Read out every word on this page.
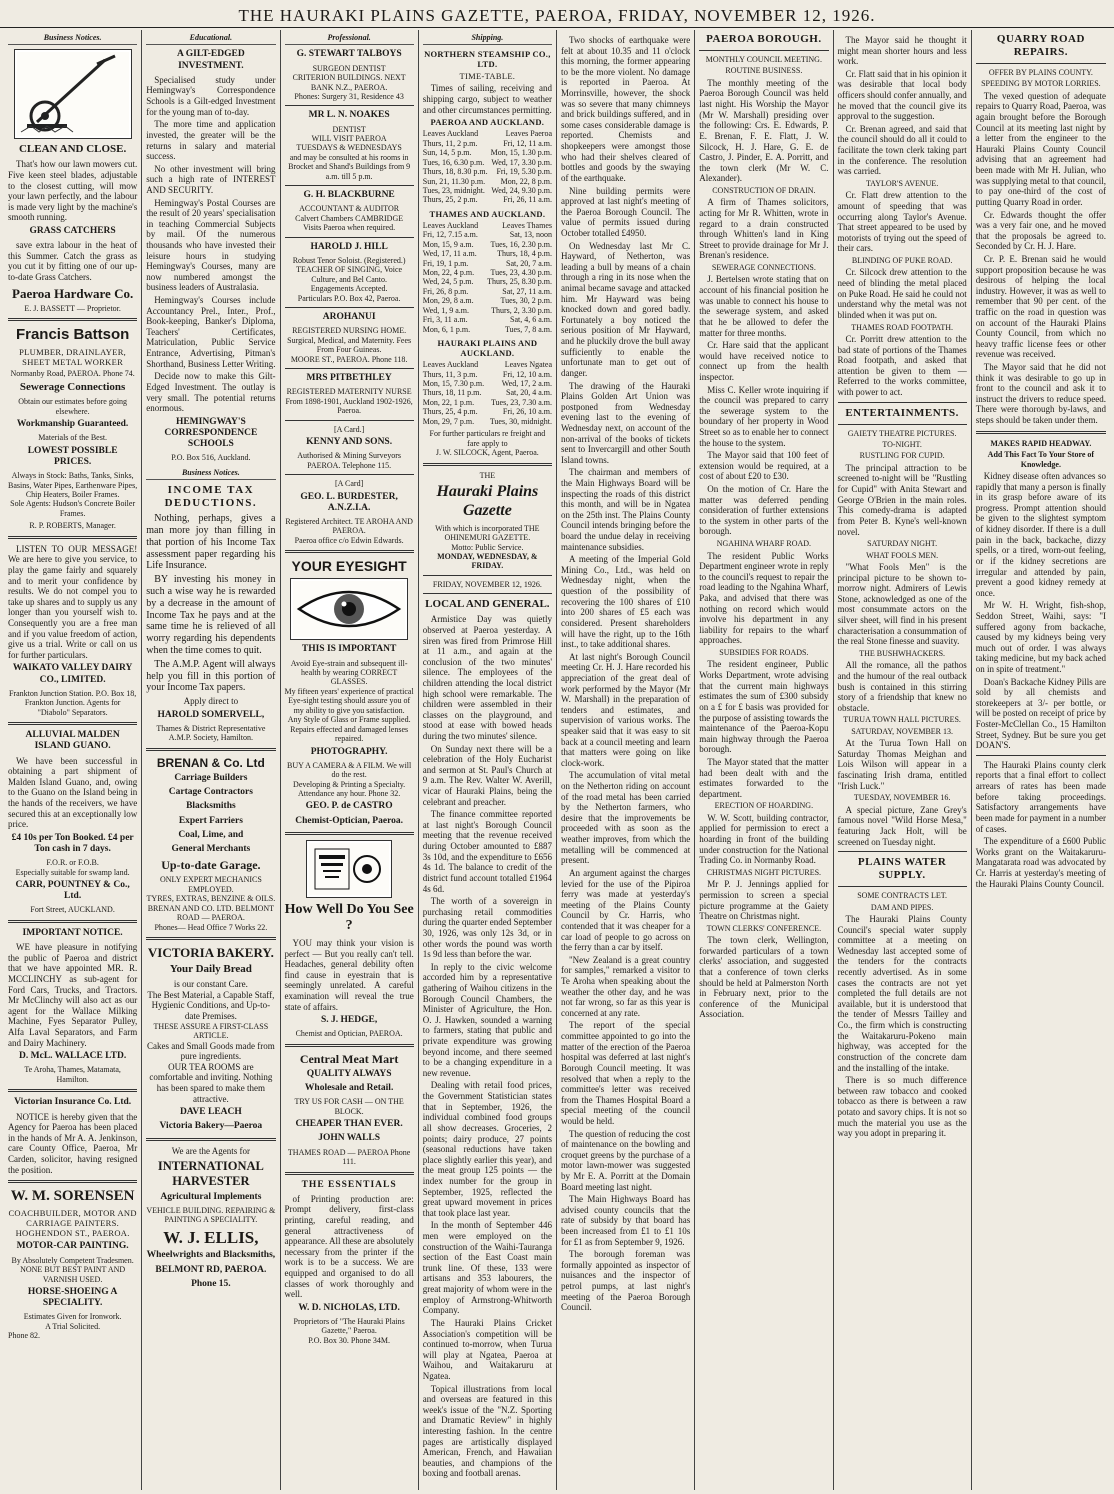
THE HAURAKI PLAINS GAZETTE, PAEROA, FRIDAY, NOVEMBER 12, 1926.
Business Notices.
CLEAN AND CLOSE.
That's how our lawn mowers cut. Five keen steel blades, adjustable to the closest cutting, will mow your lawn perfectly, and the labour is made very light by the machine's smooth running.
GRASS CATCHERS
save extra labour in the heat of this Summer. Catch the grass as you cut it by fitting one of our up-to-date Grass Catchers.
Paeroa Hardware Co.
E. J. BASSETT — Proprietor.
Francis Battson
PLUMBER, DRAINLAYER, SHEET METAL WORKER
Normanby Road, PAEROA. Phone 74.
Sewerage Connections
Obtain our estimates before going elsewhere.
Workmanship Guaranteed.
Materials of the Best.
LOWEST POSSIBLE PRICES.
Always in Stock: Baths, Tanks, Sinks, Basins, Water Pipes, Earthenware Pipes, Chip Heaters, Boiler Frames.
Sole Agents: Hudson's Concrete Boiler Frames.
R. P. ROBERTS, Manager.
LISTEN TO OUR MESSAGE! We are here to give you service, to play the game fairly and squarely and to merit your confidence by results. We do not compel you to take up shares and to supply us any longer than you yourself wish to. Consequently you are a free man and if you value freedom of action, give us a trial. Write or call on us for further particulars.
WAIKATO VALLEY DAIRY CO., LIMITED.
Frankton Junction Station. P.O. Box 18, Frankton Junction. Agents for "Diabolo" Separators.
ALLUVIAL MALDEN ISLAND GUANO.
We have been successful in obtaining a part shipment of Malden Island Guano, and, owing to the Guano on the Island being in the hands of the receivers, we have secured this at an exceptionally low price.
£4 10s per Ton Booked. £4 per Ton cash in 7 days.
F.O.R. or F.O.B.
Especially suitable for swamp land.
CARR, POUNTNEY & Co., Ltd.
Fort Street, AUCKLAND.
IMPORTANT NOTICE.
WE have pleasure in notifying the public of Paeroa and district that we have appointed MR. R. MCCLINCHY as sub-agent for Ford Cars, Trucks, and Tractors. Mr McClinchy will also act as our agent for the Wallace Milking Machine, Fyes Separator Pulley, Alfa Laval Separators, and Farm and Dairy Machinery.
D. McL. WALLACE LTD.
Te Aroha, Thames, Matamata, Hamilton.
Victorian Insurance Co. Ltd.
NOTICE is hereby given that the Agency for Paeroa has been placed in the hands of Mr A. A. Jenkinson, care County Office, Paeroa, Mr Carden, solicitor, having resigned the position.
W. M. SORENSEN
COACHBUILDER, MOTOR AND CARRIAGE PAINTERS. HOGHENDON ST., PAEROA.
MOTOR-CAR PAINTING.
By Absolutely Competent Tradesmen.
NONE BUT BEST PAINT AND VARNISH USED.
HORSE-SHOEING A SPECIALITY.
Estimates Given for Ironwork.
A Trial Solicited.
Phone 82.
Educational.
A GILT-EDGED INVESTMENT.
Specialised study under Hemingway's Correspondence Schools is a Gilt-edged Investment for the young man of to-day.
The more time and application invested, the greater will be the returns in salary and material success.
No other investment will bring such a high rate of INTEREST AND SECURITY.
Hemingway's Postal Courses are the result of 20 years' specialisation in teaching Commercial Subjects by mail. Of the numerous thousands who have invested their leisure hours in studying Hemingway's Courses, many are now numbered amongst the business leaders of Australasia.
Hemingway's Courses include Accountancy Prel., Inter., Prof., Book-keeping, Banker's Diploma, Teachers' Certificates, Matriculation, Public Service Entrance, Advertising, Pitman's Shorthand, Business Letter Writing.
Decide now to make this Gilt-Edged Investment. The outlay is very small. The potential returns enormous.
HEMINGWAY'S CORRESPONDENCE SCHOOLS
P.O. Box 516, Auckland.
Business Notices.
INCOME TAX DEDUCTIONS.
Nothing, perhaps, gives a man more joy than filling in that portion of his Income Tax assessment paper regarding his Life Insurance.
BY investing his money in such a wise way he is rewarded by a decrease in the amount of Income Tax he pays and at the same time he is relieved of all worry regarding his dependents when the time comes to quit.
The A.M.P. Agent will always help you fill in this portion of your Income Tax papers.
Apply direct to
HAROLD SOMERVELL,
Thames & District Representative A.M.P. Society, Hamilton.
BRENAN & Co. Ltd
Carriage Builders
Cartage Contractors
Blacksmiths
Expert Farriers
Coal, Lime, and
General Merchants
Up-to-date Garage.
ONLY EXPERT MECHANICS EMPLOYED.
TYRES, EXTRAS, BENZINE & OILS.
BRENAN AND CO. LTD. BELMONT ROAD — PAEROA.
Phones— Head Office 7 Works 22.
VICTORIA BAKERY.
Your Daily Bread
is our constant Care.
The Best Material, a Capable Staff, Hygienic Conditions, and Up-to-date Premises.
THESE ASSURE A FIRST-CLASS ARTICLE.
Cakes and Small Goods made from pure ingredients.
OUR TEA ROOMS are comfortable and inviting. Nothing has been spared to make them attractive.
DAVE LEACH
Victoria Bakery—Paeroa
We are the Agents for
INTERNATIONAL HARVESTER
Agricultural Implements
VEHICLE BUILDING. REPAIRING & PAINTING A SPECIALITY.
W. J. ELLIS,
Wheelwrights and Blacksmiths,
BELMONT RD, PAEROA.
Phone 15.
Professional.
G. STEWART TALBOYS
SURGEON DENTIST
CRITERION BUILDINGS. NEXT BANK N.Z., PAEROA.
Phones: Surgery 31, Residence 43
MR L. N. NOAKES
DENTIST
WILL VISIT PAEROA
TUESDAYS & WEDNESDAYS
and may be consulted at his rooms in Brocket and Shand's Buildings from 9 a.m. till 5 p.m.
G. H. BLACKBURNE
ACCOUNTANT & AUDITOR
Calvert Chambers CAMBRIDGE
Visits Paeroa when required.
HAROLD J. HILL
Robust Tenor Soloist. (Registered.) TEACHER OF SINGING, Voice Culture, and Bel Canto.
Engagements Accepted.
Particulars P.O. Box 42, Paeroa.
AROHANUI
REGISTERED NURSING HOME. Surgical, Medical, and Maternity. Fees From Four Guineas.
MOORE ST., PAEROA. Phone 118.
MRS PITBETHLEY
REGISTERED MATERNITY NURSE
From 1898-1901, Auckland 1902-1926, Paeroa.
[A Card.]
KENNY AND SONS.
Authorised & Mining Surveyors PAEROA. Telephone 115.
[A Card]
GEO. L. BURDESTER, A.N.Z.I.A.
Registered Architect. TE AROHA AND PAEROA.
Paeroa office c/o Edwin Edwards.
YOUR EYESIGHT
THIS IS IMPORTANT
Avoid Eye-strain and subsequent ill-health by wearing CORRECT GLASSES.
My fifteen years' experience of practical Eye-sight testing should assure you of my ability to give you satisfaction.
Any Style of Glass or Frame supplied.
Repairs effected and damaged lenses repaired.
PHOTOGRAPHY.
BUY A CAMERA & A FILM. We will do the rest.
Developing & Printing a Specialty. Attendance any hour. Phone 32.
GEO. P. de CASTRO
Chemist-Optician, Paeroa.
How Well Do You See ?
YOU may think your vision is perfect — But you really can't tell. Headaches, general debility often find cause in eyestrain that is seemingly unrelated. A careful examination will reveal the true state of affairs.
S. J. HEDGE,
Chemist and Optician, PAEROA.
Central Meat Mart
QUALITY ALWAYS
Wholesale and Retail.
TRY US FOR CASH — ON THE BLOCK.
CHEAPER THAN EVER.
JOHN WALLS
THAMES ROAD — PAEROA Phone 111.
THE ESSENTIALS
of Printing production are: Prompt delivery, first-class printing, careful reading, and general attractiveness of appearance. All these are absolutely necessary from the printer if the work is to be a success. We are equipped and organised to do all classes of work thoroughly and well.
W. D. NICHOLAS, LTD.
Proprietors of "The Hauraki Plains Gazette," Paeroa.
P.O. Box 30. Phone 34M.
Shipping.
NORTHERN STEAMSHIP CO., LTD.
TIME-TABLE.
Times of sailing, receiving and shipping cargo, subject to weather and other circumstances permitting.
PAEROA AND AUCKLAND.
Leaves Auckland	Leaves Paeroa
Thurs, 11, 2 p.m.	Fri, 12, 11 a.m.
Sun, 14, 5 p.m. Mon, 15, 1.30 p.m.
Tues, 16, 6.30 p.m. Wed, 17, 3.30 p.m.
Thurs, 18, 8.30 p.m. Fri, 19, 5.30 p.m.
Sun, 21, 11.30 p.m. Mon, 22, 8 p.m.
Tues, 23, midnight. Wed, 24, 9.30 p.m.
Thurs, 25, 2 p.m.	Fri, 26, 11 a.m.
THAMES AND AUCKLAND.
Leaves Auckland	Leaves Thames
Fri, 12, 7.15 a.m.	Sat, 13, noon
Mon, 15, 9 a.m. Tues, 16, 2.30 p.m.
Wed, 17, 11 a.m.	Thurs, 18, 4 p.m.
Fri, 19, 1 p.m.	Sat, 20, 7 a.m.
Mon, 22, 4 p.m. Tues, 23, 4.30 p.m.
Wed, 24, 5 p.m. Thurs, 25, 8.30 p.m.
Fri, 26, 8 p.m.	Sat, 27, 11 a.m.
Mon, 29, 8 a.m.	Tues, 30, 2 p.m.
Wed, 1, 9 a.m.	Thurs, 2, 3.30 p.m.
Fri, 3, 11 a.m.	Sat, 4, 6 a.m.
Mon, 6, 1 p.m.	Tues, 7, 8 a.m.
HAURAKI PLAINS AND AUCKLAND.
Leaves Auckland	Leaves Ngatea
Thurs, 11, 3 p.m.	Fri, 12, 10 a.m.
Mon, 15, 7.30 p.m. Wed, 17, 2 a.m.
Thurs, 18, 11 p.m.	Sat, 20, 4 a.m.
Mon, 22, 1 p.m. Tues, 23, 7.30 a.m.
Thurs, 25, 4 p.m.	Fri, 26, 10 a.m.
Mon, 29, 7 p.m. Tues, 30, midnight.
For further particulars re freight and fare apply to
J. W. SILCOCK, Agent, Paeroa.
THE
Hauraki Plains Gazette
With which is incorporated THE OHINEMURI GAZETTE.
Motto: Public Service.
MONDAY, WEDNESDAY, & FRIDAY.
FRIDAY, NOVEMBER 12, 1926.
LOCAL AND GENERAL.
Armistice Day was quietly observed at Paeroa yesterday. A siren was fired from Primrose Hill at 11 a.m., and again at the conclusion of the two minutes' silence. The employees of the children attending the local district high school were remarkable. The children were assembled in their classes on the playground, and stood at ease with bowed heads during the two minutes' silence.
On Sunday next there will be a celebration of the Holy Eucharist and sermon at St. Paul's Church at 9 a.m. The Rev. Walter W. Averill, vicar of Hauraki Plains, being the celebrant and preacher.
The finance committee reported at last night's Borough Council meeting that the revenue received during October amounted to £887 3s 10d, and the expenditure to £656 4s 1d. The balance to credit of the district fund account totalled £1964 4s 6d.
The worth of a sovereign in purchasing retail commodities during the quarter ended September 30, 1926, was only 12s 3d, or in other words the pound was worth 1s 9d less than before the war.
In reply to the civic welcome accorded him by a representative gathering of Waihou citizens in the Borough Council Chambers, the Minister of Agriculture, the Hon. O. J. Hawken, sounded a warning to farmers, stating that public and private expenditure was growing beyond income, and there seemed to be a changing expenditure in a new revenue.
Dealing with retail food prices, the Government Statistician states that in September, 1926, the individual combined food groups all show decreases. Groceries, 2 points; dairy produce, 27 points (seasonal reductions have taken place slightly earlier this year), and the meat group 125 points — the index number for the group in September, 1925, reflected the great upward movement in prices that took place last year.
In the month of September 446 men were employed on the construction of the Waihi-Tauranga section of the East Coast main trunk line. Of these, 133 were artisans and 353 labourers, the great majority of whom were in the employ of Armstrong-Whitworth Company.
The Hauraki Plains Cricket Association's competition will be continued to-morrow, when Turua will play at Ngatea, Paeroa at Waihou, and Waitakaruru at Ngatea.
Topical illustrations from local and overseas are featured in this week's issue of the "N.Z. Sporting and Dramatic Review" in highly interesting fashion. In the centre pages are artistically displayed American, French, and Hawaiian beauties, and champions of the boxing and football arenas.
Two shocks of earthquake were felt at about 10.35 and 11 o'clock this morning, the former appearing to be the more violent. No damage is reported in Paeroa. At Morrinsville, however, the shock was so severe that many chimneys and brick buildings suffered, and in some cases considerable damage is reported. Chemists and shopkeepers were amongst those who had their shelves cleared of bottles and goods by the swaying of the earthquake.
Nine building permits were approved at last night's meeting of the Paeroa Borough Council. The value of permits issued during October totalled £4950.
On Wednesday last Mr C. Hayward, of Netherton, was leading a bull by means of a chain through a ring in its nose when the animal became savage and attacked him. Mr Hayward was being knocked down and gored badly. Fortunately a boy noticed the serious position of Mr Hayward, and he pluckily drove the bull away sufficiently to enable the unfortunate man to get out of danger.
The drawing of the Hauraki Plains Golden Art Union was postponed from Wednesday evening last to the evening of Wednesday next, on account of the non-arrival of the books of tickets sent to Invercargill and other South Island towns.
The chairman and members of the Main Highways Board will be inspecting the roads of this district this month, and will be in Ngatea on the 25th inst. The Plains County Council intends bringing before the board the undue delay in receiving maintenance subsidies.
A meeting of the Imperial Gold Mining Co., Ltd., was held on Wednesday night, when the question of the possibility of recovering the 100 shares of £10 into 200 shares of £5 each was considered. Present shareholders will have the right, up to the 16th inst., to take additional shares.
At last night's Borough Council meeting Cr. H. J. Hare recorded his appreciation of the great deal of work performed by the Mayor (Mr W. Marshall) in the preparation of tenders and estimates, and supervision of various works. The speaker said that it was easy to sit back at a council meeting and learn that matters were going on like clock-work.
The accumulation of vital metal on the Netherton riding on account of the road metal has been carried by the Netherton farmers, who desire that the improvements be proceeded with as soon as the weather improves, from which the metalling will be commenced at present.
An argument against the charges levied for the use of the Pipiroa ferry was made at yesterday's meeting of the Plains County Council by Cr. Harris, who contended that it was cheaper for a car load of people to go across on the ferry than a car by itself.
"New Zealand is a great country for samples," remarked a visitor to Te Aroha when speaking about the weather the other day, and he was not far wrong, so far as this year is concerned at any rate.
The report of the special committee appointed to go into the matter of the erection of the Paeroa hospital was deferred at last night's Borough Council meeting. It was resolved that when a reply to the committee's letter was received from the Thames Hospital Board a special meeting of the council would be held.
The question of reducing the cost of maintenance on the bowling and croquet greens by the purchase of a motor lawn-mower was suggested by Mr E. A. Porritt at the Domain Board meeting last night.
The Main Highways Board has advised county councils that the rate of subsidy by that board has been increased from £1 to £1 10s for £1 as from September 9, 1926.
The borough foreman was formally appointed as inspector of nuisances and the inspector of petrol pumps, at last night's meeting of the Paeroa Borough Council.
PAEROA BOROUGH.
MONTHLY COUNCIL MEETING.
ROUTINE BUSINESS.
The monthly meeting of the Paeroa Borough Council was held last night. His Worship the Mayor (Mr W. Marshall) presiding over the following: Crs. E. Edwards, P. E. Brenan, F. E. Flatt, J. W. Silcock, H. J. Hare, G. E. de Castro, J. Pinder, E. A. Porritt, and the town clerk (Mr W. C. Alexander).
CONSTRUCTION OF DRAIN.
A firm of Thames solicitors, acting for Mr R. Whitten, wrote in regard to a drain constructed through Whitten's land in King Street to provide drainage for Mr J. Brenan's residence.
SEWERAGE CONNECTIONS.
J. Bertelsen wrote stating that on account of his financial position he was unable to connect his house to the sewerage system, and asked that he be allowed to defer the matter for three months.
Cr. Hare said that the applicant would have received notice to connect up from the health inspector.
Miss C. Keller wrote inquiring if the council was prepared to carry the sewerage system to the boundary of her property in Wood Street so as to enable her to connect the house to the system.
The Mayor said that 100 feet of extension would be required, at a cost of about £20 to £30.
On the motion of Cr. Hare the matter was deferred pending consideration of further extensions to the system in other parts of the borough.
NGAHINA WHARF ROAD.
The resident Public Works Department engineer wrote in reply to the council's request to repair the road leading to the Ngahina Wharf, Paka, and advised that there was nothing on record which would involve his department in any liability for repairs to the wharf approaches.
SUBSIDIES FOR ROADS.
The resident engineer, Public Works Department, wrote advising that the current main highways estimates the sum of £300 subsidy on a £ for £ basis was provided for the purpose of assisting towards the maintenance of the Paeroa-Kopu main highway through the Paeroa borough.
The Mayor stated that the matter had been dealt with and the estimates forwarded to the department.
ERECTION OF HOARDING.
W. W. Scott, building contractor, applied for permission to erect a hoarding in front of the building under construction for the National Trading Co. in Normanby Road.
CHRISTMAS NIGHT PICTURES.
Mr P. J. Jennings applied for permission to screen a special picture programme at the Gaiety Theatre on Christmas night.
TOWN CLERKS' CONFERENCE.
The town clerk, Wellington, forwarded particulars of a town clerks' association, and suggested that a conference of town clerks should be held at Palmerston North in February next, prior to the conference of the Municipal Association.
The Mayor said he thought it might mean shorter hours and less work.
Cr. Flatt said that in his opinion it was desirable that local body officers should confer annually, and he moved that the council give its approval to the suggestion.
Cr. Brenan agreed, and said that the council should do all it could to facilitate the town clerk taking part in the conference. The resolution was carried.
TAYLOR'S AVENUE.
Cr. Flatt drew attention to the amount of speeding that was occurring along Taylor's Avenue. That street appeared to be used by motorists of trying out the speed of their cars.
BLINDING OF PUKE ROAD.
Cr. Silcock drew attention to the need of blinding the metal placed on Puke Road. He said he could not understand why the metal was not blinded when it was put on.
THAMES ROAD FOOTPATH.
Cr. Porritt drew attention to the bad state of portions of the Thames Road footpath, and asked that attention be given to them — Referred to the works committee, with power to act.
ENTERTAINMENTS.
GAIETY THEATRE PICTURES.
TO-NIGHT.
RUSTLING FOR CUPID.
The principal attraction to be screened to-night will be "Rustling for Cupid" with Anita Stewart and George O'Brien in the main roles. This comedy-drama is adapted from Peter B. Kyne's well-known novel.
SATURDAY NIGHT.
WHAT FOOLS MEN.
"What Fools Men" is the principal picture to be shown to-morrow night. Admirers of Lewis Stone, acknowledged as one of the most consummate actors on the silver sheet, will find in his present characterisation a consummation of the real Stone finesse and suavity.
THE BUSHWHACKERS.
All the romance, all the pathos and the humour of the real outback bush is contained in this stirring story of a friendship that knew no obstacle.
TURUA TOWN HALL PICTURES.
SATURDAY, NOVEMBER 13.
At the Turua Town Hall on Saturday Thomas Meighan and Lois Wilson will appear in a fascinating Irish drama, entitled "Irish Luck."
TUESDAY, NOVEMBER 16.
A special picture, Zane Grey's famous novel "Wild Horse Mesa," featuring Jack Holt, will be screened on Tuesday night.
PLAINS WATER SUPPLY.
SOME CONTRACTS LET.
DAM AND PIPES.
The Hauraki Plains County Council's special water supply committee at a meeting on Wednesday last accepted some of the tenders for the contracts recently advertised. As in some cases the contracts are not yet completed the full details are not available, but it is understood that the tender of Messrs Tailley and Co., the firm which is constructing the Waitakaruru-Pokeno main highway, was accepted for the construction of the concrete dam and the installing of the intake.
There is so much difference between raw tobacco and cooked tobacco as there is between a raw potato and savory chips. It is not so much the material you use as the way you adopt in preparing it.
QUARRY ROAD REPAIRS.
OFFER BY PLAINS COUNTY.
SPEEDING BY MOTOR LORRIES.
The vexed question of adequate repairs to Quarry Road, Paeroa, was again brought before the Borough Council at its meeting last night by a letter from the engineer to the Hauraki Plains County Council advising that an agreement had been made with Mr H. Julian, who was supplying metal to that council, to pay one-third of the cost of putting Quarry Road in order.
Cr. Edwards thought the offer was a very fair one, and he moved that the proposals be agreed to. Seconded by Cr. H. J. Hare.
Cr. P. E. Brenan said he would support proposition because he was desirous of helping the local industry. However, it was as well to remember that 90 per cent. of the traffic on the road in question was on account of the Hauraki Plains County Council, from which no heavy traffic license fees or other revenue was received.
The Mayor said that he did not think it was desirable to go up in front to the council and ask it to instruct the drivers to reduce speed. There were thorough by-laws, and steps should be taken under them.
MAKES RAPID HEADWAY.
Add This Fact To Your Store of Knowledge.
Kidney disease often advances so rapidly that many a person is finally in its grasp before aware of its progress. Prompt attention should be given to the slightest symptom of kidney disorder. If there is a dull pain in the back, backache, dizzy spells, or a tired, worn-out feeling, or if the kidney secretions are irregular and attended by pain, prevent a good kidney remedy at once.
Mr W. H. Wright, fish-shop, Seddon Street, Waihi, says: "I suffered agony from backache, caused by my kidneys being very much out of order. I was always taking medicine, but my back ached on in spite of treatment."
Doan's Backache Kidney Pills are sold by all chemists and storekeepers at 3/- per bottle, or will be posted on receipt of price by Foster-McClellan Co., 15 Hamilton Street, Sydney. But be sure you get DOAN'S.
The Hauraki Plains county clerk reports that a final effort to collect arrears of rates has been made before taking proceedings. Satisfactory arrangements have been made for payment in a number of cases.
The expenditure of a £600 Public Works grant on the Waitakaruru-Mangatarata road was advocated by Cr. Harris at yesterday's meeting of the Hauraki Plains County Council.
